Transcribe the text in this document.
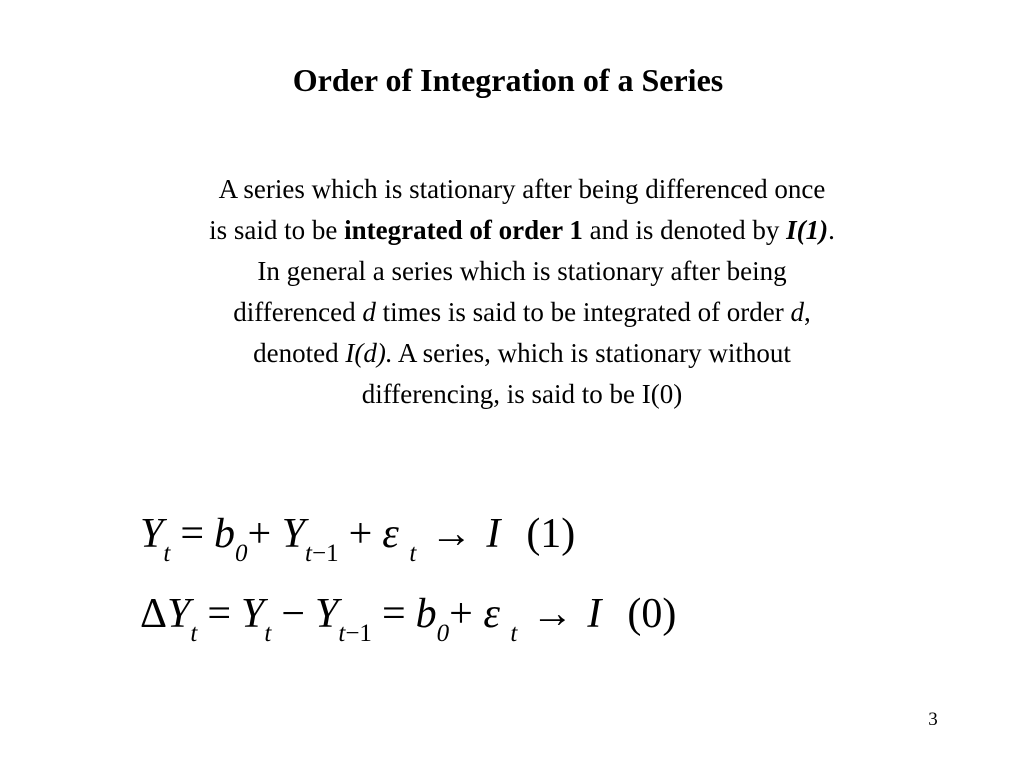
Order of Integration of a Series
A series which is stationary after being differenced once
is said to be integrated of order 1 and is denoted by I(1).
In general a series which is stationary after being
differenced d times is said to be integrated of order d,
denoted I(d). A series, which is stationary without
differencing, is said to be I(0)
$Y_t = b_0+ Y_{t-1} + \varepsilon$ $_t$ → I (1)
$\Delta Y_t = Y_t - Y_{t-1} = b_0+ \varepsilon$ $_t$ → I (0)
3
